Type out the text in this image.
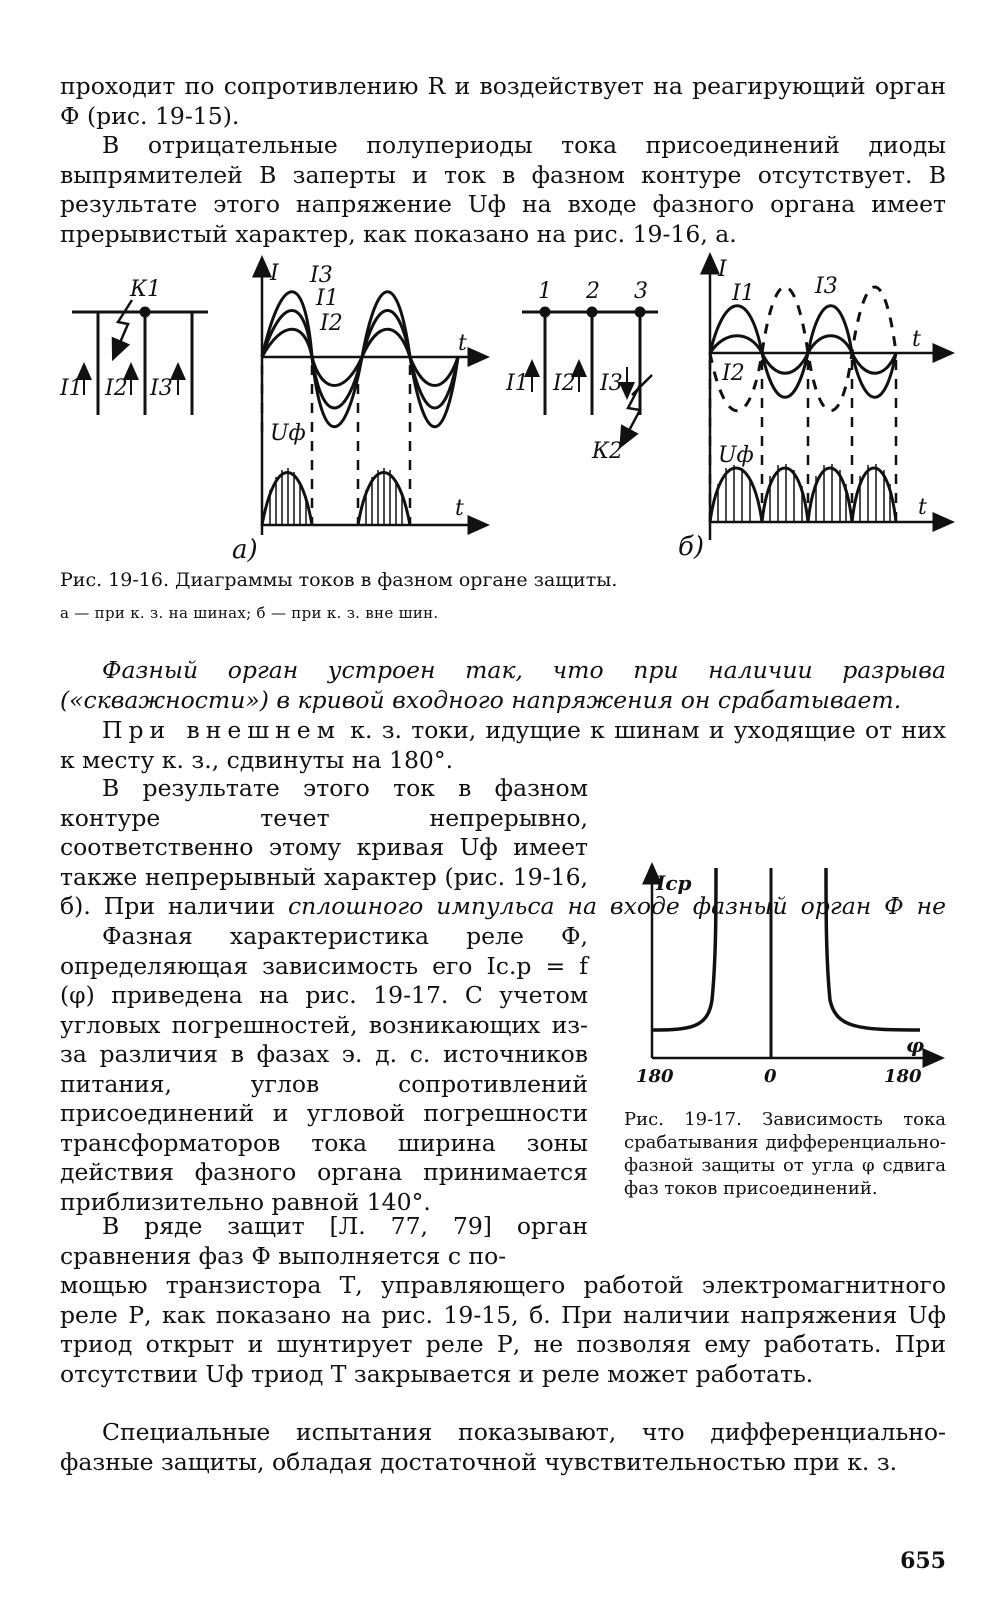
проходит по сопротивлению R и воздействует на реагирующий орган Ф (рис. 19-15).

В отрицательные полупериоды тока присоединений диоды выпрямителей В заперты и ток в фазном контуре отсутствует. В результате этого напряжение Uф на входе фазного органа имеет прерывистый характер, как показано на рис. 19-16, а.

К1
I1 I2 I3
I I3
I1
I2
t
Uф
t
а)
1 2 3
I1 I2 I3
К2
I
I1	I3
I2
t
Uф
t
б)

Рис. 19-16. Диаграммы токов в фазном органе защиты.

а — при к. з. на шинах; б — при к. з. вне шин.

Фазный орган устроен так, что при наличии разрыва («скважности») в кривой входного напряжения он срабатывает.

При внешнем к. з. токи, идущие к шинам и уходящие от них к месту к. з., сдвинуты на 180°.

В результате этого ток в фазном контуре течет непрерывно, соответственно этому кривая Uф имеет также непрерывный характер (рис. 19-16, б). При наличии сплошного импульса на входе фазный орган Ф не

Фазная характеристика реле Ф, определяющая зависимость его Iс.р = f (φ) приведена на рис. 19-17. С учетом угловых погрешностей, возникающих из-за различия в фазах э. д. с. источников питания, углов сопротивлений присоединений и угловой погрешности трансформаторов тока ширина зоны действия фазного органа принимается приблизительно равной 140°.

В ряде защит [Л. 77, 79] орган сравнения фаз Ф выполняется с по-

мощью транзистора Т, управляющего работой электромагнитного реле Р, как показано на рис. 19-15, б. При наличии напряжения Uф триод открыт и шунтирует реле Р, не позволяя ему работать. При отсутствии Uф триод Т закрывается и реле может работать.

Специальные испытания показывают, что дифференциально-фазные защиты, обладая достаточной чувствительностью при к. з.

Iср
φ
180	0	180

Рис. 19-17. Зависимость тока срабатывания дифференциально-фазной защиты от угла φ сдвига фаз токов присоединений.

655
